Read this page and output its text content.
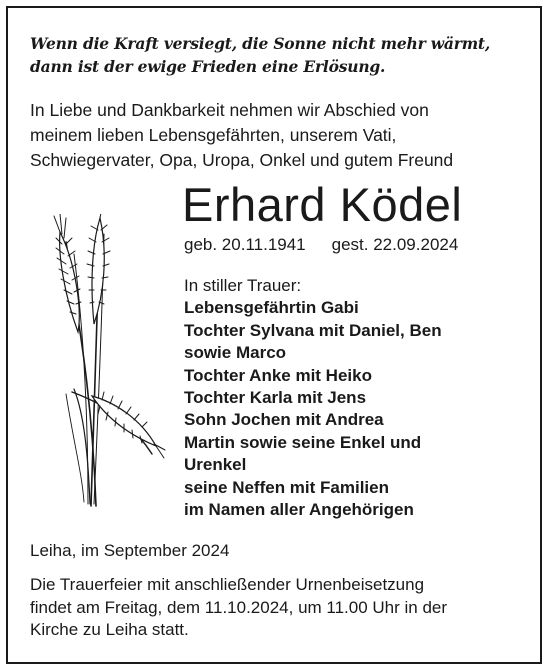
Wenn die Kraft versiegt, die Sonne nicht mehr wärmt,
dann ist der ewige Frieden eine Erlösung.
In Liebe und Dankbarkeit nehmen wir Abschied von
meinem lieben Lebensgefährten, unserem Vati,
Schwiegervater, Opa, Uropa, Onkel und gutem Freund
Erhard Ködel
geb. 20.11.1941 gest. 22.09.2024
In stiller Trauer:
Lebensgefährtin Gabi
Tochter Sylvana mit Daniel, Ben
sowie Marco
Tochter Anke mit Heiko
Tochter Karla mit Jens
Sohn Jochen mit Andrea
Martin sowie seine Enkel und
Urenkel
seine Neffen mit Familien
im Namen aller Angehörigen
Leiha, im September 2024
Die Trauerfeier mit anschließender Urnenbeisetzung
findet am Freitag, dem 11.10.2024, um 11.00 Uhr in der
Kirche zu Leiha statt.
